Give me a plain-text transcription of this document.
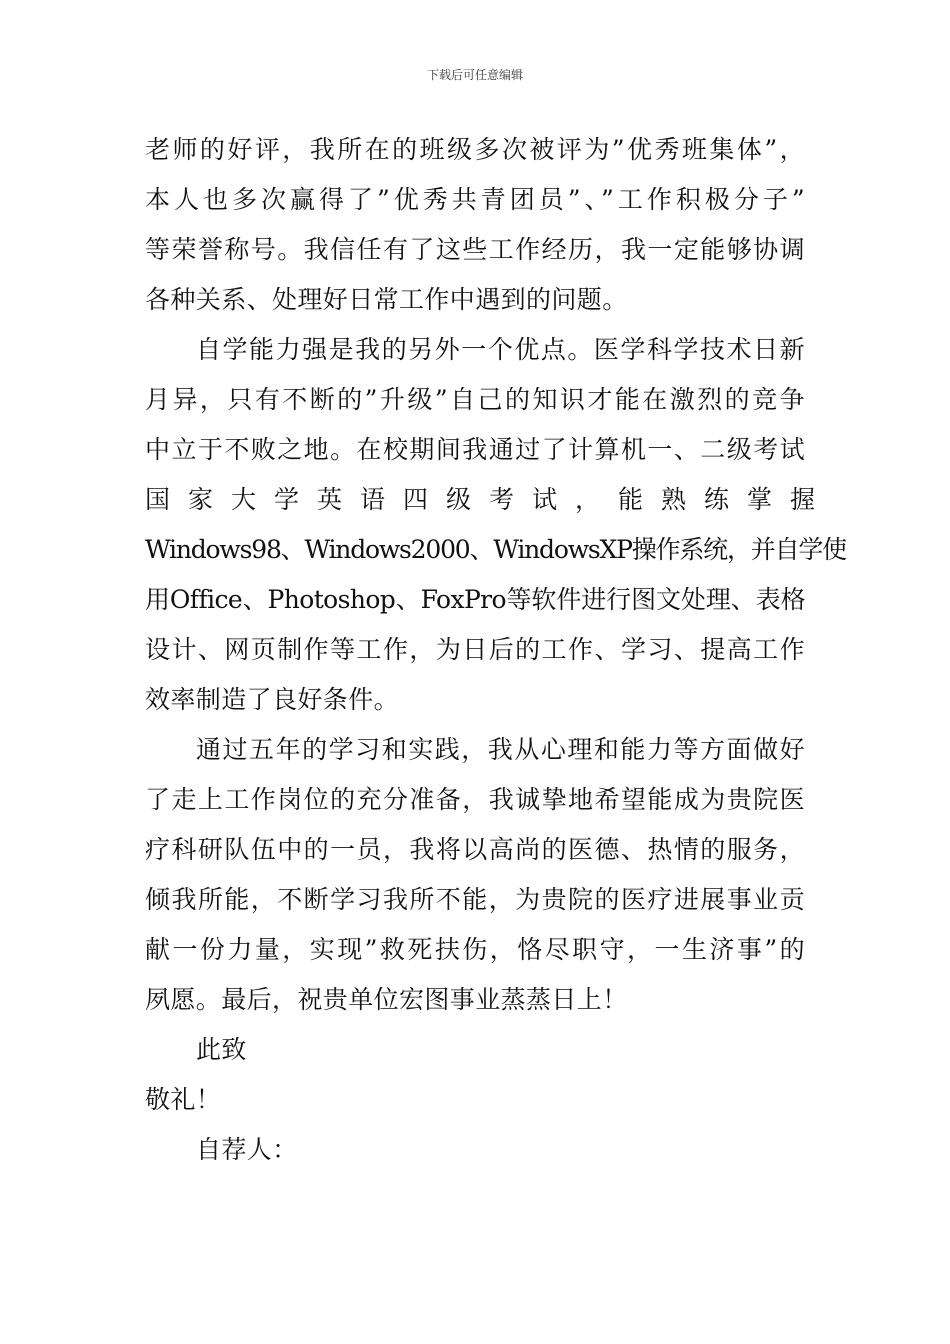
下载后可任意编辑
老师的好评，我所在的班级多次被评为”优秀班集体”，
本人也多次赢得了”优秀共青团员”、”工作积极分子”
等荣誉称号。我信任有了这些工作经历，我一定能够协调
各种关系、处理好日常工作中遇到的问题。
自学能力强是我的另外一个优点。医学科学技术日新
月异，只有不断的”升级”自己的知识才能在激烈的竞争
中立于不败之地。在校期间我通过了计算机一、二级考试
国家大学英语四级考试，能熟练掌握
Windows98、Windows2000、WindowsXP操作系统，并自学使
用Office、Photoshop、FoxPro等软件进行图文处理、表格
设计、网页制作等工作，为日后的工作、学习、提高工作
效率制造了良好条件。
通过五年的学习和实践，我从心理和能力等方面做好
了走上工作岗位的充分准备，我诚挚地希望能成为贵院医
疗科研队伍中的一员，我将以高尚的医德、热情的服务，
倾我所能，不断学习我所不能，为贵院的医疗进展事业贡
献一份力量，实现”救死扶伤，恪尽职守，一生济事”的
夙愿。最后，祝贵单位宏图事业蒸蒸日上！
此致
敬礼！
自荐人：
